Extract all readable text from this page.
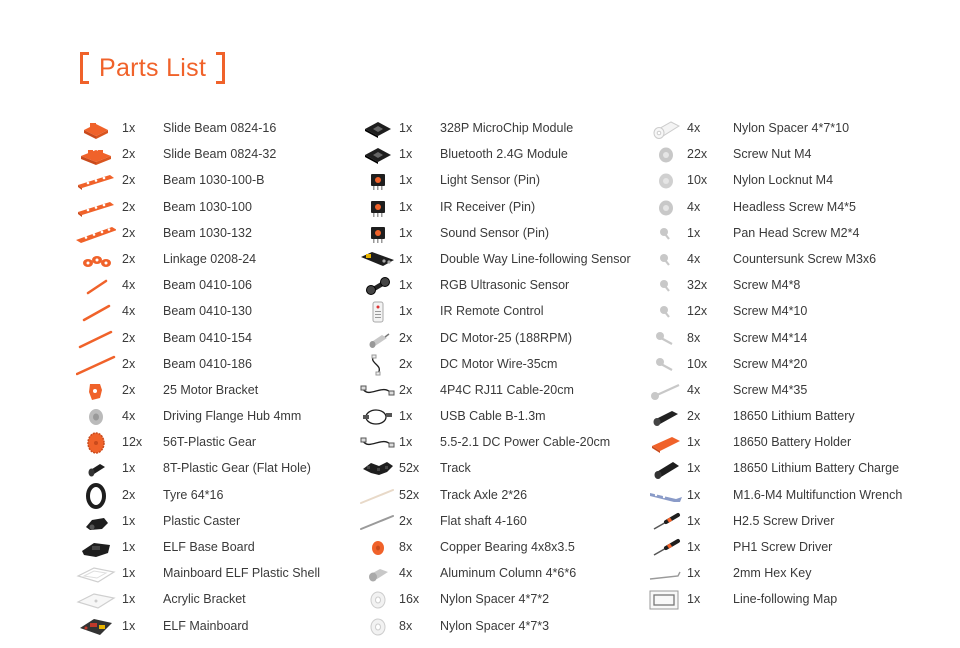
Parts List
1x Slide Beam 0824-16
2x Slide Beam 0824-32
2x Beam 1030-100-B
2x Beam 1030-100
2x Beam 1030-132
2x Linkage 0208-24
4x Beam 0410-106
4x Beam 0410-130
2x Beam 0410-154
2x Beam 0410-186
2x 25 Motor Bracket
4x Driving Flange Hub 4mm
12x 56T-Plastic Gear
1x 8T-Plastic Gear (Flat Hole)
2x Tyre 64*16
1x Plastic Caster
1x ELF Base Board
1x Mainboard ELF Plastic Shell
1x Acrylic Bracket
1x ELF Mainboard
1x 328P MicroChip Module
1x Bluetooth 2.4G Module
1x Light Sensor (Pin)
1x IR Receiver (Pin)
1x Sound Sensor (Pin)
1x Double Way Line-following Sensor
1x RGB Ultrasonic Sensor
1x IR Remote Control
2x DC Motor-25 (188RPM)
2x DC Motor Wire-35cm
2x 4P4C RJ11 Cable-20cm
1x USB Cable B-1.3m
1x 5.5-2.1 DC Power Cable-20cm
52x Track
52x Track Axle 2*26
2x Flat shaft 4-160
8x Copper Bearing 4x8x3.5
4x Aluminum Column 4*6*6
16x Nylon Spacer 4*7*2
8x Nylon Spacer 4*7*3
4x	Nylon Spacer 4*7*10
22x Screw Nut M4
10x Nylon Locknut M4
4x	Headless Screw M4*5
1x	Pan Head Screw M2*4
4x	Countersunk Screw M3x6
32x Screw M4*8
12x Screw M4*10
8x	Screw M4*14
10x Screw M4*20
4x	Screw M4*35
2x	18650 Lithium Battery
1x	18650 Battery Holder
1x	18650 Lithium Battery Charge
1x	M1.6-M4 Multifunction Wrench
1x	H2.5 Screw Driver
1x	PH1 Screw Driver
1x	2mm Hex Key
1x	Line-following Map
